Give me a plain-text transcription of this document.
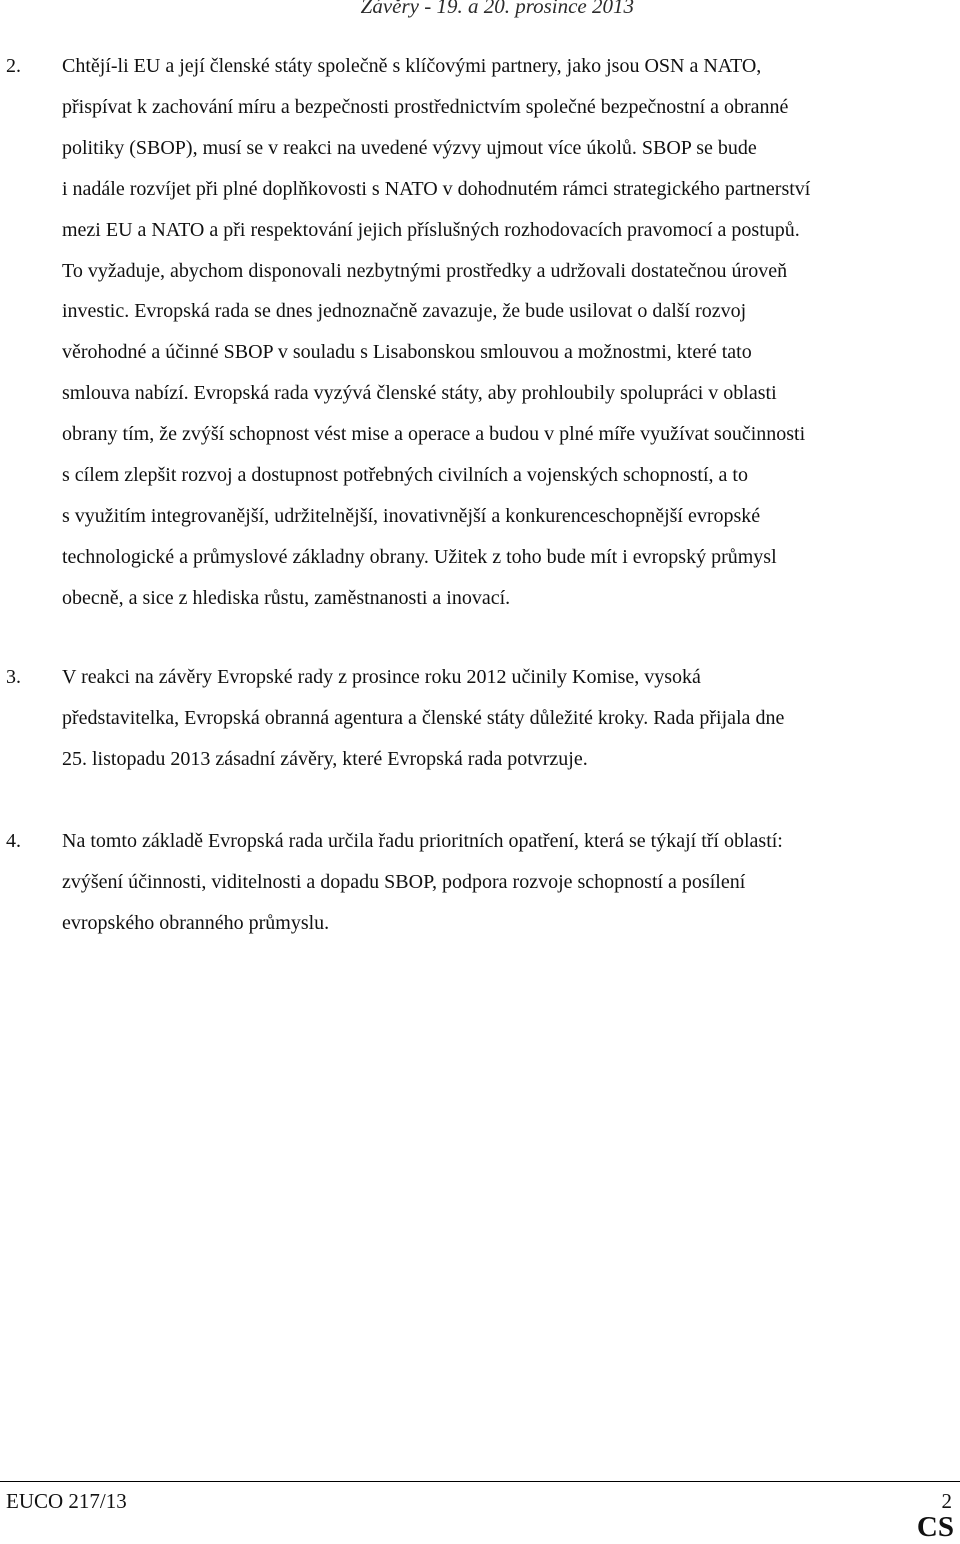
Závěry - 19. a 20. prosince 2013
2. Chtějí-li EU a její členské státy společně s klíčovými partnery, jako jsou OSN a NATO,
přispívat k zachování míru a bezpečnosti prostřednictvím společné bezpečnostní a obranné
politiky (SBOP), musí se v reakci na uvedené výzvy ujmout více úkolů. SBOP se bude
i nadále rozvíjet při plné doplňkovosti s NATO v dohodnutém rámci strategického partnerství
mezi EU a NATO a při respektování jejich příslušných rozhodovacích pravomocí a postupů.
To vyžaduje, abychom disponovali nezbytnými prostředky a udržovali dostatečnou úroveň
investic. Evropská rada se dnes jednoznačně zavazuje, že bude usilovat o další rozvoj
věrohodné a účinné SBOP v souladu s Lisabonskou smlouvou a možnostmi, které tato
smlouva nabízí. Evropská rada vyzývá členské státy, aby prohloubily spolupráci v oblasti
obrany tím, že zvýší schopnost vést mise a operace a budou v plné míře využívat součinnosti
s cílem zlepšit rozvoj a dostupnost potřebných civilních a vojenských schopností, a to
s využitím integrovanější, udržitelnější, inovativnější a konkurenceschopnější evropské
technologické a průmyslové základny obrany. Užitek z toho bude mít i evropský průmysl
obecně, a sice z hlediska růstu, zaměstnanosti a inovací.
3. V reakci na závěry Evropské rady z prosince roku 2012 učinily Komise, vysoká
představitelka, Evropská obranná agentura a členské státy důležité kroky. Rada přijala dne
25. listopadu 2013 zásadní závěry, které Evropská rada potvrzuje.
4. Na tomto základě Evropská rada určila řadu prioritních opatření, která se týkají tří oblastí:
zvýšení účinnosti, viditelnosti a dopadu SBOP, podpora rozvoje schopností a posílení
evropského obranného průmyslu.
EUCO 217/13	2
CS
